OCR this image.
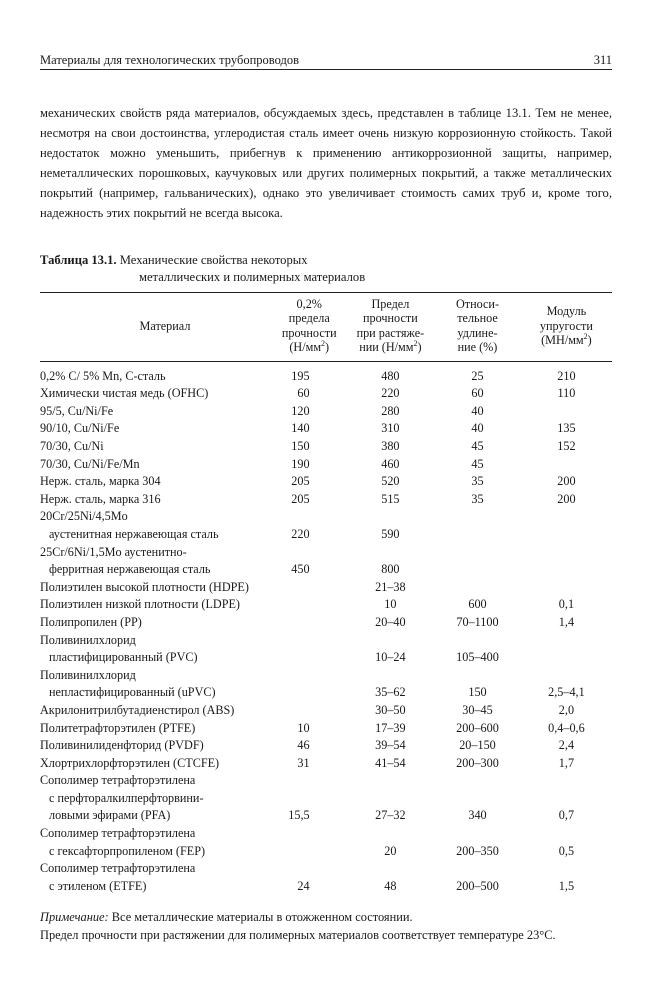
Материалы для технологических трубопроводов	311

механических свойств ряда материалов, обсуждаемых здесь, представлен в таблице 13.1. Тем не менее, несмотря на свои достоинства, углеродистая сталь имеет очень низкую коррозионную стойкость. Такой недостаток можно уменьшить, прибегнув к применению антикоррозионной защиты, например, неметаллических порошковых, каучуковых или других полимерных покрытий, а также металлических покрытий (например, гальванических), однако это увеличивает стоимость самих труб и, кроме того, надежность этих покрытий не всегда высока.

Таблица 13.1. Механические свойства некоторых
металлических и полимерных материалов
Материал	0,2%
предела
прочности
$(Н/мм^2)$	Предел
прочности
при растяже-
нии $(Н/мм^2)$	Относи-
тельное
удлине-
ние (%)	Модуль
упругости
$(МН/мм^2)$

0,2% C/ 5% Mn, C-сталь	195	480	25	210

Химически чистая медь (OFHC)	60	220	60	110

95/5, Cu/Ni/Fe	120	280	40	

90/10, Cu/Ni/Fe	140	310	40	135

70/30, Cu/Ni	150	380	45	152

70/30, Cu/Ni/Fe/Mn	190	460	45	

Нерж. сталь, марка 304	205	520	35	200

Нерж. сталь, марка 316	205	515	35	200

20Cr/25Ni/4,5Mo
аустенитная нержавеющая сталь	220	590		

25Cr/6Ni/1,5Mo аустенитно-
ферритная нержавеющая сталь	450	800		

Полиэтилен высокой плотности (HDPE)		21–38		

Полиэтилен низкой плотности (LDPE)		10	600	0,1

Полипропилен (PP)		20–40	70–1100	1,4

Поливинилхлорид
пластифицированный (PVC)		10–24	105–400	

Поливинилхлорид
непластифицированный (uPVC)		35–62	150	2,5–4,1

Акрилонитрилбутадиенстирол (ABS)		30–50	30–45	2,0

Политетрафторэтилен (PTFE)	10	17–39	200–600	0,4–0,6

Поливинилиденфторид (PVDF)	46	39–54	20–150	2,4

Хлортрихлорфторэтилен (CTCFE)	31	41–54	200–300	1,7

Сополимер тетрафторэтилена
с перфторалкилперфторвини-
ловыми эфирами (PFA)	15,5	27–32	340	0,7

Сополимер тетрафторэтилена
с гексафторпропиленом (FEP)		20	200–350	0,5

Сополимер тетрафторэтилена
с этиленом (ETFE)	24	48	200–500	1,5
Примечание: Все металлические материалы в отожженном состоянии.
Предел прочности при растяжении для полимерных материалов соответствует температуре 23°С.
